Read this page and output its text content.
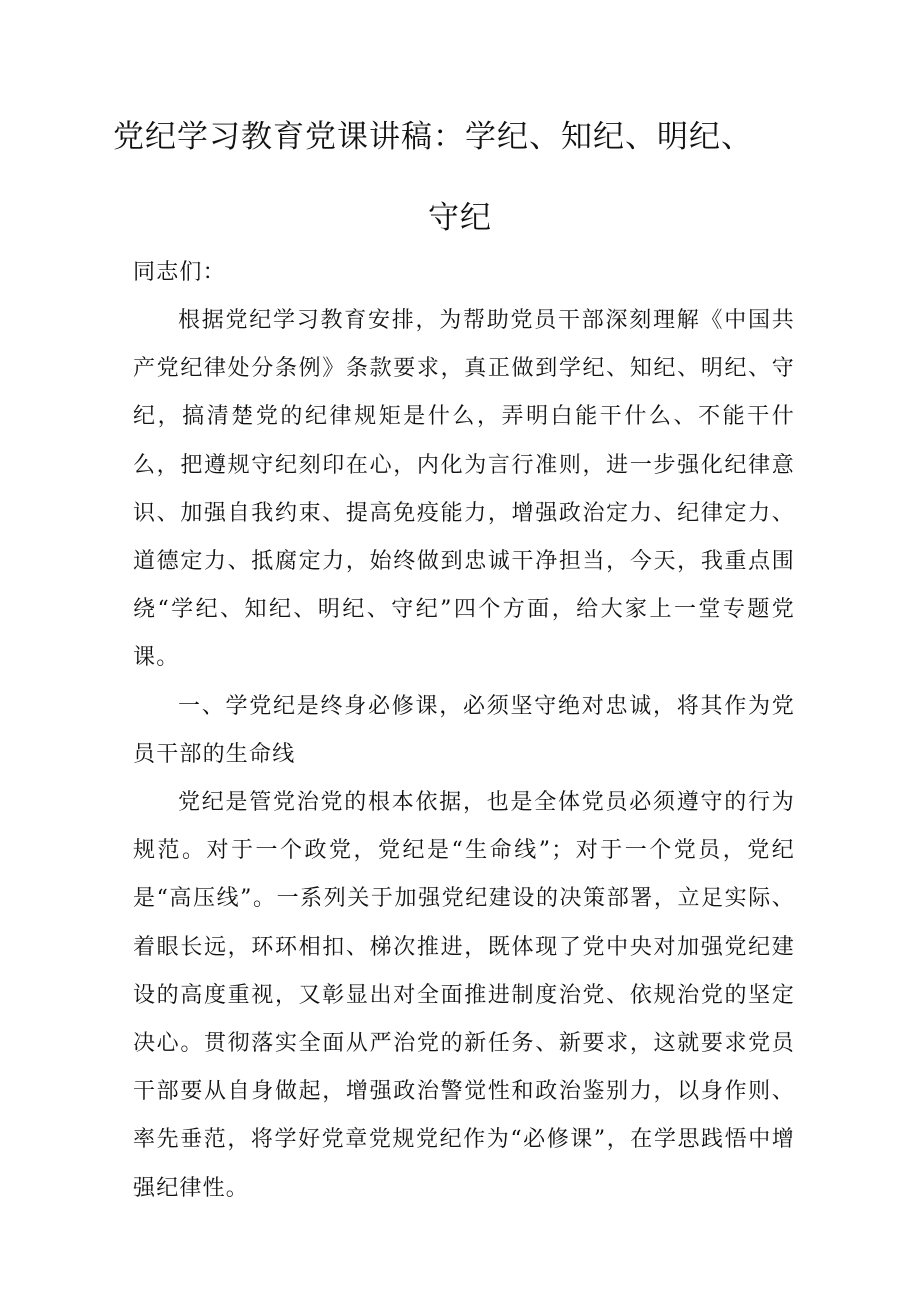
党纪学习教育党课讲稿：学纪、知纪、明纪、
守纪
同志们：

根据党纪学习教育安排，为帮助党员干部深刻理解《中国共产党纪律处分条例》条款要求，真正做到学纪、知纪、明纪、守纪，搞清楚党的纪律规矩是什么，弄明白能干什么、不能干什么，把遵规守纪刻印在心，内化为言行准则，进一步强化纪律意识、加强自我约束、提高免疫能力，增强政治定力、纪律定力、道德定力、抵腐定力，始终做到忠诚干净担当，今天，我重点围绕“学纪、知纪、明纪、守纪”四个方面，给大家上一堂专题党课。

一、学党纪是终身必修课，必须坚守绝对忠诚，将其作为党员干部的生命线

党纪是管党治党的根本依据，也是全体党员必须遵守的行为规范。对于一个政党，党纪是“生命线”；对于一个党员，党纪是“高压线”。一系列关于加强党纪建设的决策部署，立足实际、着眼长远，环环相扣、梯次推进，既体现了党中央对加强党纪建设的高度重视，又彰显出对全面推进制度治党、依规治党的坚定决心。贯彻落实全面从严治党的新任务、新要求，这就要求党员干部要从自身做起，增强政治警觉性和政治鉴别力，以身作则、率先垂范，将学好党章党规党纪作为“必修课”，在学思践悟中增强纪律性。
